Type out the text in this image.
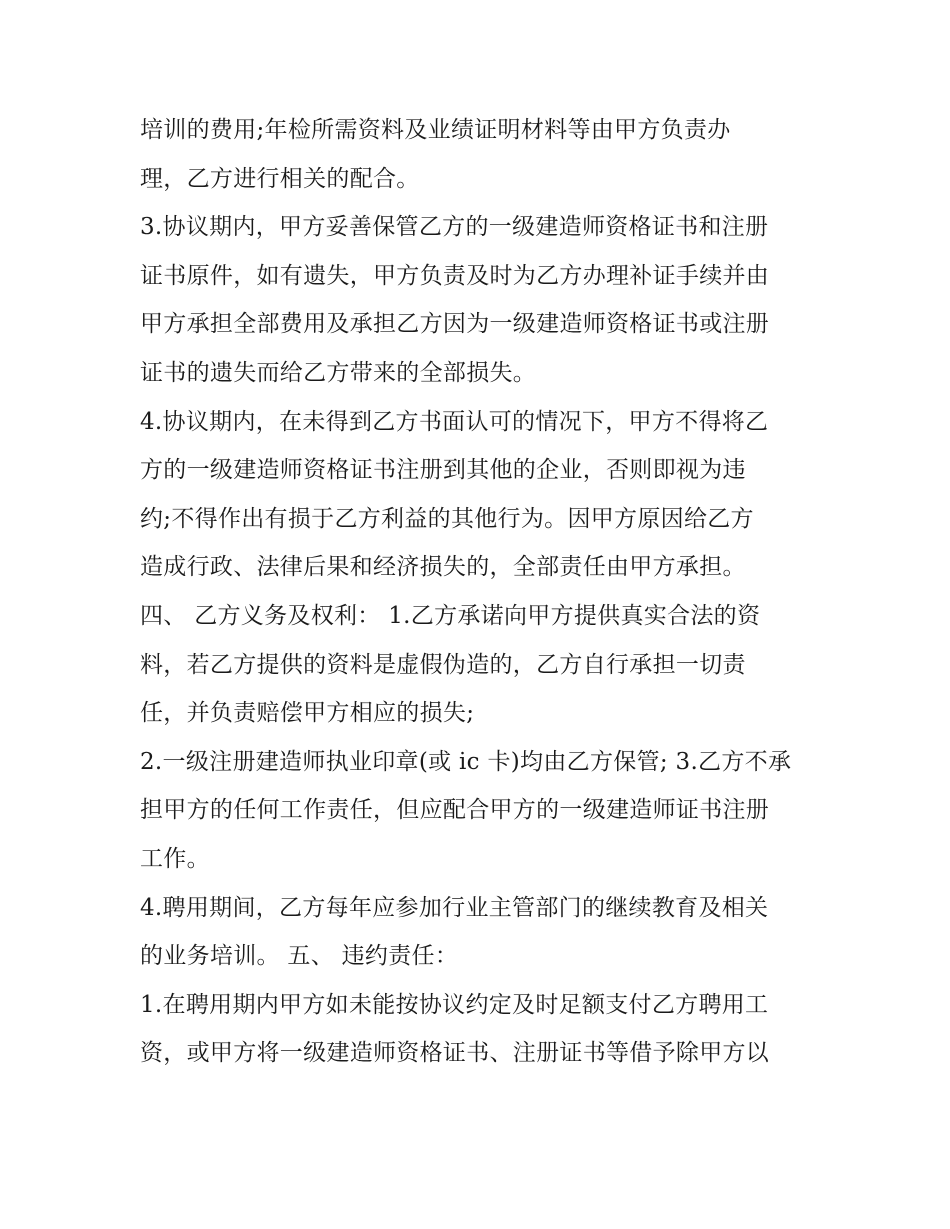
培训的费用;年检所需资料及业绩证明材料等由甲方负责办
理，乙方进行相关的配合。
3.协议期内，甲方妥善保管乙方的一级建造师资格证书和注册
证书原件，如有遗失，甲方负责及时为乙方办理补证手续并由
甲方承担全部费用及承担乙方因为一级建造师资格证书或注册
证书的遗失而给乙方带来的全部损失。
4.协议期内，在未得到乙方书面认可的情况下，甲方不得将乙
方的一级建造师资格证书注册到其他的企业，否则即视为违
约;不得作出有损于乙方利益的其他行为。因甲方原因给乙方
造成行政、法律后果和经济损失的，全部责任由甲方承担。
四、 乙方义务及权利： 1.乙方承诺向甲方提供真实合法的资
料，若乙方提供的资料是虚假伪造的，乙方自行承担一切责
任，并负责赔偿甲方相应的损失;
2.一级注册建造师执业印章(或 ic 卡)均由乙方保管; 3.乙方不承
担甲方的任何工作责任，但应配合甲方的一级建造师证书注册
工作。
4.聘用期间，乙方每年应参加行业主管部门的继续教育及相关
的业务培训。 五、 违约责任：
1.在聘用期内甲方如未能按协议约定及时足额支付乙方聘用工
资，或甲方将一级建造师资格证书、注册证书等借予除甲方以
